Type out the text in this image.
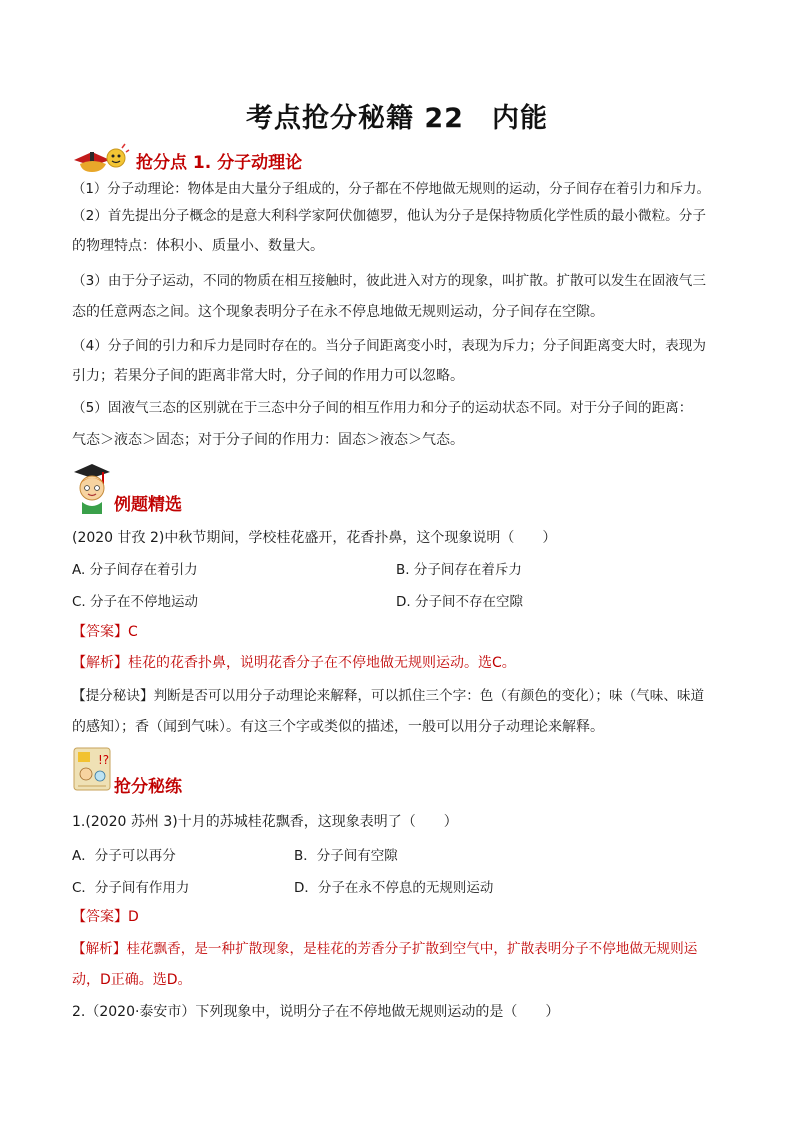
考点抢分秘籍 22　内能
抢分点 1. 分子动理论
（1）分子动理论：物体是由大量分子组成的，分子都在不停地做无规则的运动，分子间存在着引力和斥力。
（2）首先提出分子概念的是意大利科学家阿伏伽德罗，他认为分子是保持物质化学性质的最小微粒。分子
的物理特点：体积小、质量小、数量大。
（3）由于分子运动，不同的物质在相互接触时，彼此进入对方的现象，叫扩散。扩散可以发生在固液气三
态的任意两态之间。这个现象表明分子在永不停息地做无规则运动，分子间存在空隙。
（4）分子间的引力和斥力是同时存在的。当分子间距离变小时，表现为斥力；分子间距离变大时，表现为
引力；若果分子间的距离非常大时，分子间的作用力可以忽略。
（5）固液气三态的区别就在于三态中分子间的相互作用力和分子的运动状态不同。对于分子间的距离：
气态＞液态＞固态；对于分子间的作用力：固态＞液态＞气态。
例题精选
(2020 甘孜 2)中秋节期间，学校桂花盛开，花香扑鼻，这个现象说明（　　）
A. 分子间存在着引力	B. 分子间存在着斥力
C. 分子在不停地运动	D. 分子间不存在空隙
【答案】C
【解析】桂花的花香扑鼻，说明花香分子在不停地做无规则运动。选C。
【提分秘诀】判断是否可以用分子动理论来解释，可以抓住三个字：色（有颜色的变化）；味（气味、味道
的感知）；香（闻到气味）。有这三个字或类似的描述，一般可以用分子动理论来解释。
!?
抢分秘练
1.(2020 苏州 3)十月的苏城桂花飘香，这现象表明了（　　）
A．分子可以再分	B．分子间有空隙
C．分子间有作用力	D．分子在永不停息的无规则运动
【答案】D
【解析】桂花飘香，是一种扩散现象，是桂花的芳香分子扩散到空气中，扩散表明分子不停地做无规则运
动，D正确。选D。
2.（2020·泰安市）下列现象中，说明分子在不停地做无规则运动的是（　　）
